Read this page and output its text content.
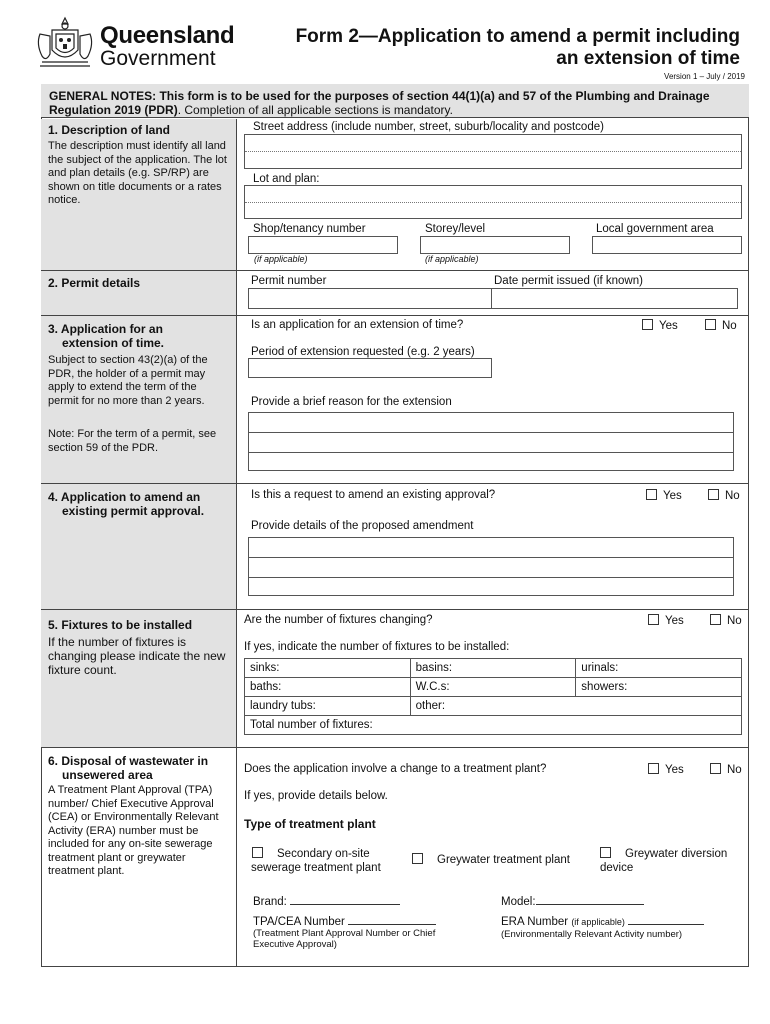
Queensland
Government
Form 2—Application to amend a permit including an extension of time
Version 1 – July / 2019
GENERAL NOTES: This form is to be used for the purposes of section 44(1)(a) and 57 of the Plumbing and Drainage Regulation 2019 (PDR). Completion of all applicable sections is mandatory.
1. Description of land
The description must identify all land the subject of the application. The lot and plan details (e.g. SP/RP) are shown on title documents or a rates notice.
Street address (include number, street, suburb/locality and postcode)
Lot and plan:
Shop/tenancy number	Storey/level	Local government area
(if applicable)	(if applicable)
2. Permit details	Permit number	Date permit issued (if known)
3. Application for an
extension of time.
Subject to section 43(2)(a) of the PDR, the holder of a permit may apply to extend the term of the permit for no more than 2 years.
Note: For the term of a permit, see section 59 of the PDR.
Is an application for an extension of time?	Yes	No
Period of extension requested (e.g. 2 years)
Provide a brief reason for the extension
4. Application to amend an
existing permit approval.
Is this a request to amend an existing approval?	Yes	No
Provide details of the proposed amendment
5. Fixtures to be installed
If the number of fixtures is changing please indicate the new fixture count.
Are the number of fixtures changing?	Yes	No
If yes, indicate the number of fixtures to be installed:
sinks:	basins:	urinals:
baths:	W.C.s:	showers:
laundry tubs:	other:	
Total number of fixtures:		
6. Disposal of wastewater in
unsewered area
A Treatment Plant Approval (TPA) number/ Chief Executive Approval (CEA) or Environmentally Relevant Activity (ERA) number must be included for any on-site sewerage treatment plant or greywater treatment plant.
Does the application involve a change to a treatment plant?	Yes	No
If yes, provide details below.
Type of treatment plant
Secondary on-site
sewerage treatment plant
Greywater treatment plant	Greywater diversion
device
Brand:	Model:
TPA/CEA Number
(Treatment Plant Approval Number or Chief Executive Approval)
ERA Number (if applicable)
(Environmentally Relevant Activity number)
